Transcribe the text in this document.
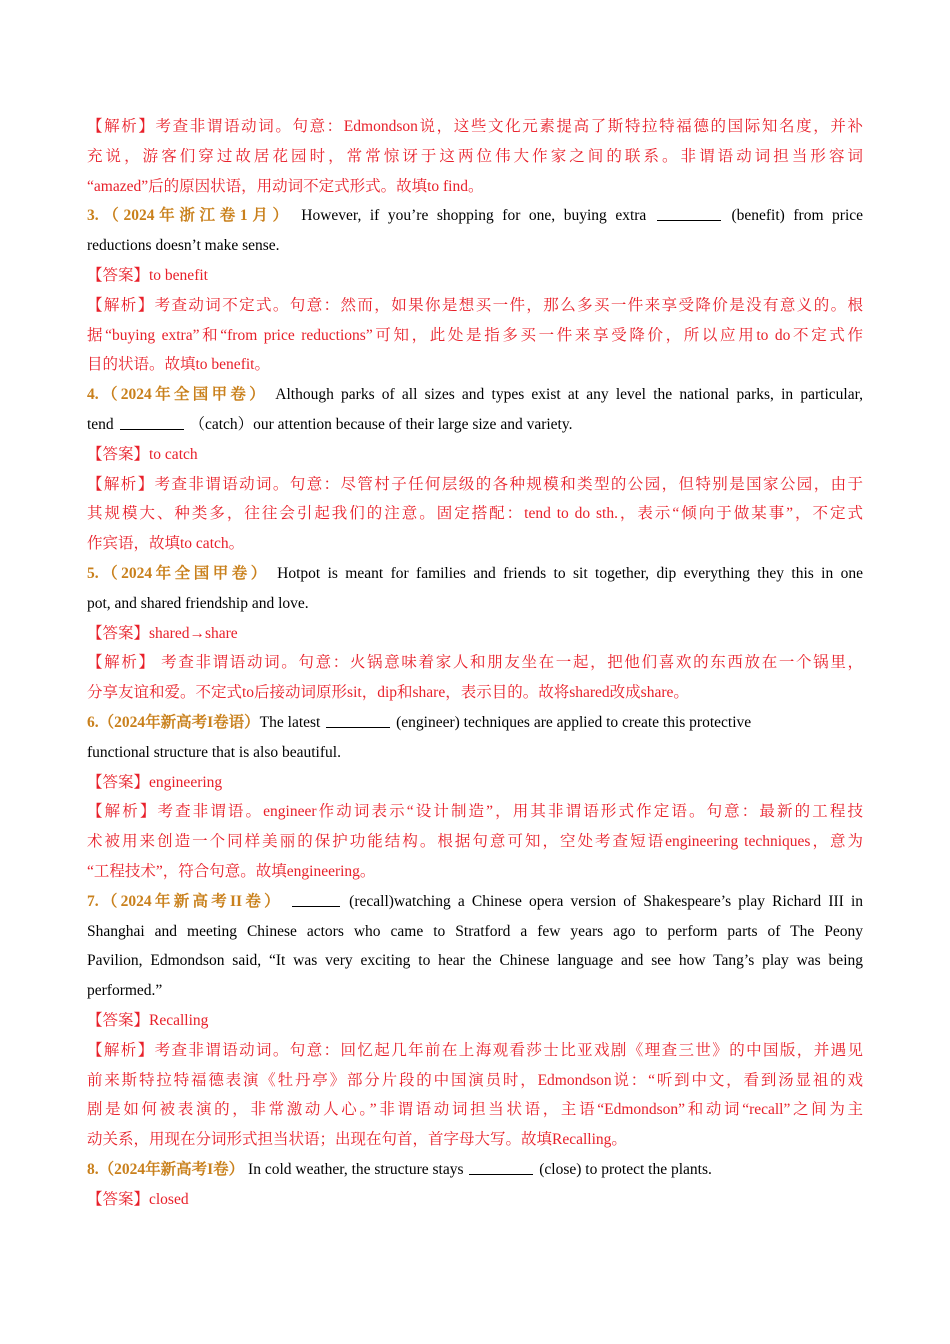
【解析】考查非谓语动词。句意：Edmondson说，这些文化元素提高了斯特拉特福德的国际知名度，并补
充说，游客们穿过故居花园时，常常惊讶于这两位伟大作家之间的联系。非谓语动词担当形容词
“amazed”后的原因状语，用动词不定式形式。故填to find。
3.（2024年浙江卷1月） However, if you’re shopping for one, buying extra	(benefit) from price
reductions doesn’t make sense.
【答案】to benefit
【解析】考查动词不定式。句意：然而，如果你是想买一件，那么多买一件来享受降价是没有意义的。根
据“buying extra”和“from price reductions”可知，此处是指多买一件来享受降价，所以应用to do不定式作
目的状语。故填to benefit。
4.（2024年全国甲卷） Although parks of all sizes and types exist at any level the national parks, in particular,
tend	（catch）our attention because of their large size and variety.
【答案】to catch
【解析】考查非谓语动词。句意：尽管村子任何层级的各种规模和类型的公园，但特别是国家公园，由于
其规模大、种类多，往往会引起我们的注意。固定搭配：tend to do sth.，表示“倾向于做某事”，不定式
作宾语，故填to catch。
5.（2024年全国甲卷） Hotpot is meant for families and friends to sit together, dip everything they this in one
pot, and shared friendship and love.
【答案】shared→share
【解析】 考查非谓语动词。句意：火锅意味着家人和朋友坐在一起，把他们喜欢的东西放在一个锅里，
分享友谊和爱。不定式to后接动词原形sit，dip和share，表示目的。故将shared改成share。
6.（2024年新高考I卷语）The latest	(engineer) techniques are applied to create this protective
functional structure that is also beautiful.
【答案】engineering
【解析】考查非谓语。engineer作动词表示“设计制造”，用其非谓语形式作定语。句意：最新的工程技
术被用来创造一个同样美丽的保护功能结构。根据句意可知，空处考查短语engineering techniques，意为
“工程技术”，符合句意。故填engineering。
7.（2024年新高考II卷）	(recall)watching a Chinese opera version of Shakespeare’s play Richard III in
Shanghai and meeting Chinese actors who came to Stratford a few years ago to perform parts of The Peony
Pavilion, Edmondson said, “It was very exciting to hear the Chinese language and see how Tang’s play was being
performed.”
【答案】Recalling
【解析】考查非谓语动词。句意：回忆起几年前在上海观看莎士比亚戏剧《理查三世》的中国版，并遇见
前来斯特拉特福德表演《牡丹亭》部分片段的中国演员时，Edmondson说：“听到中文，看到汤显祖的戏
剧是如何被表演的，非常激动人心。”非谓语动词担当状语，主语“Edmondson”和动词“recall”之间为主
动关系，用现在分词形式担当状语；出现在句首，首字母大写。故填Recalling。
8.（2024年新高考I卷） In cold weather, the structure stays	(close) to protect the plants.
【答案】closed
